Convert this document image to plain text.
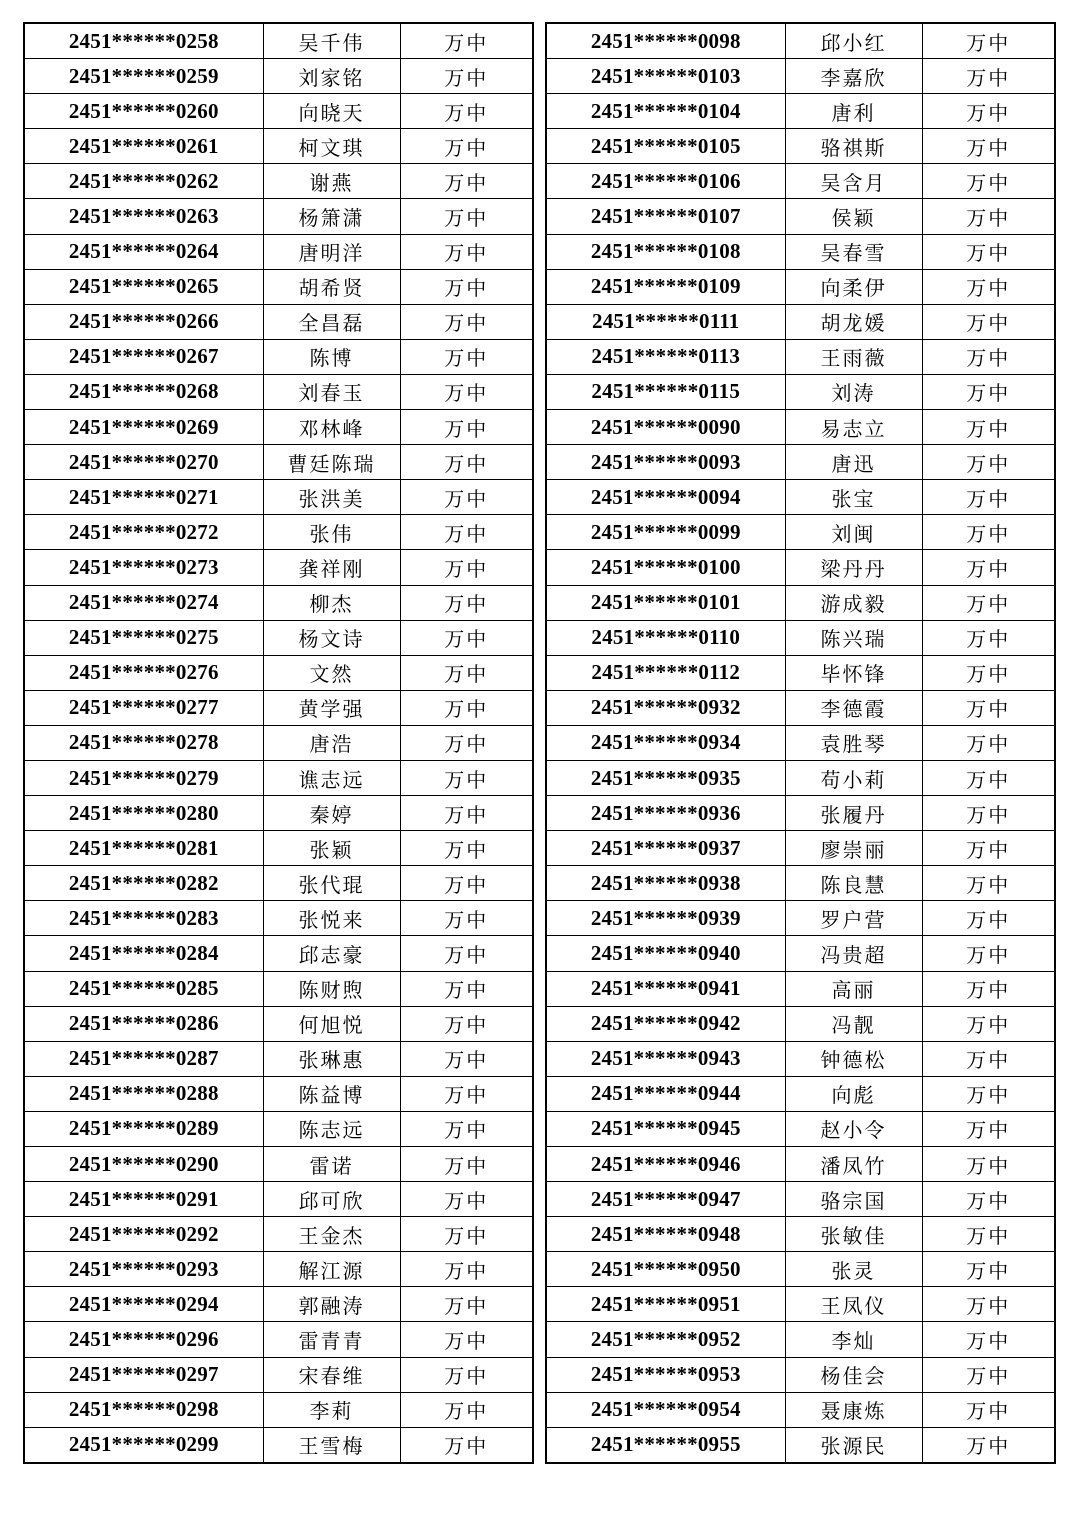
2451******0258	吴千伟	万中
2451******0259	刘家铭	万中
2451******0260	向晓天	万中
2451******0261	柯文琪	万中
2451******0262	谢燕	万中
2451******0263	杨箫潇	万中
2451******0264	唐明洋	万中
2451******0265	胡希贤	万中
2451******0266	全昌磊	万中
2451******0267	陈博	万中
2451******0268	刘春玉	万中
2451******0269	邓林峰	万中
2451******0270	曹廷陈瑞	万中
2451******0271	张洪美	万中
2451******0272	张伟	万中
2451******0273	龚祥刚	万中
2451******0274	柳杰	万中
2451******0275	杨文诗	万中
2451******0276	文然	万中
2451******0277	黄学强	万中
2451******0278	唐浩	万中
2451******0279	谯志远	万中
2451******0280	秦婷	万中
2451******0281	张颖	万中
2451******0282	张代琨	万中
2451******0283	张悦来	万中
2451******0284	邱志豪	万中
2451******0285	陈财煦	万中
2451******0286	何旭悦	万中
2451******0287	张琳惠	万中
2451******0288	陈益博	万中
2451******0289	陈志远	万中
2451******0290	雷诺	万中
2451******0291	邱可欣	万中
2451******0292	王金杰	万中
2451******0293	解江源	万中
2451******0294	郭融涛	万中
2451******0296	雷青青	万中
2451******0297	宋春维	万中
2451******0298	李莉	万中
2451******0299	王雪梅	万中
2451******0098	邱小红	万中
2451******0103	李嘉欣	万中
2451******0104	唐利	万中
2451******0105	骆祺斯	万中
2451******0106	吴含月	万中
2451******0107	侯颖	万中
2451******0108	吴春雪	万中
2451******0109	向柔伊	万中
2451******0111	胡龙媛	万中
2451******0113	王雨薇	万中
2451******0115	刘涛	万中
2451******0090	易志立	万中
2451******0093	唐迅	万中
2451******0094	张宝	万中
2451******0099	刘闽	万中
2451******0100	梁丹丹	万中
2451******0101	游成毅	万中
2451******0110	陈兴瑞	万中
2451******0112	毕怀锋	万中
2451******0932	李德霞	万中
2451******0934	袁胜琴	万中
2451******0935	苟小莉	万中
2451******0936	张履丹	万中
2451******0937	廖崇丽	万中
2451******0938	陈良慧	万中
2451******0939	罗户营	万中
2451******0940	冯贵超	万中
2451******0941	高丽	万中
2451******0942	冯靓	万中
2451******0943	钟德松	万中
2451******0944	向彪	万中
2451******0945	赵小令	万中
2451******0946	潘凤竹	万中
2451******0947	骆宗国	万中
2451******0948	张敏佳	万中
2451******0950	张灵	万中
2451******0951	王凤仪	万中
2451******0952	李灿	万中
2451******0953	杨佳会	万中
2451******0954	聂康炼	万中
2451******0955	张源民	万中
